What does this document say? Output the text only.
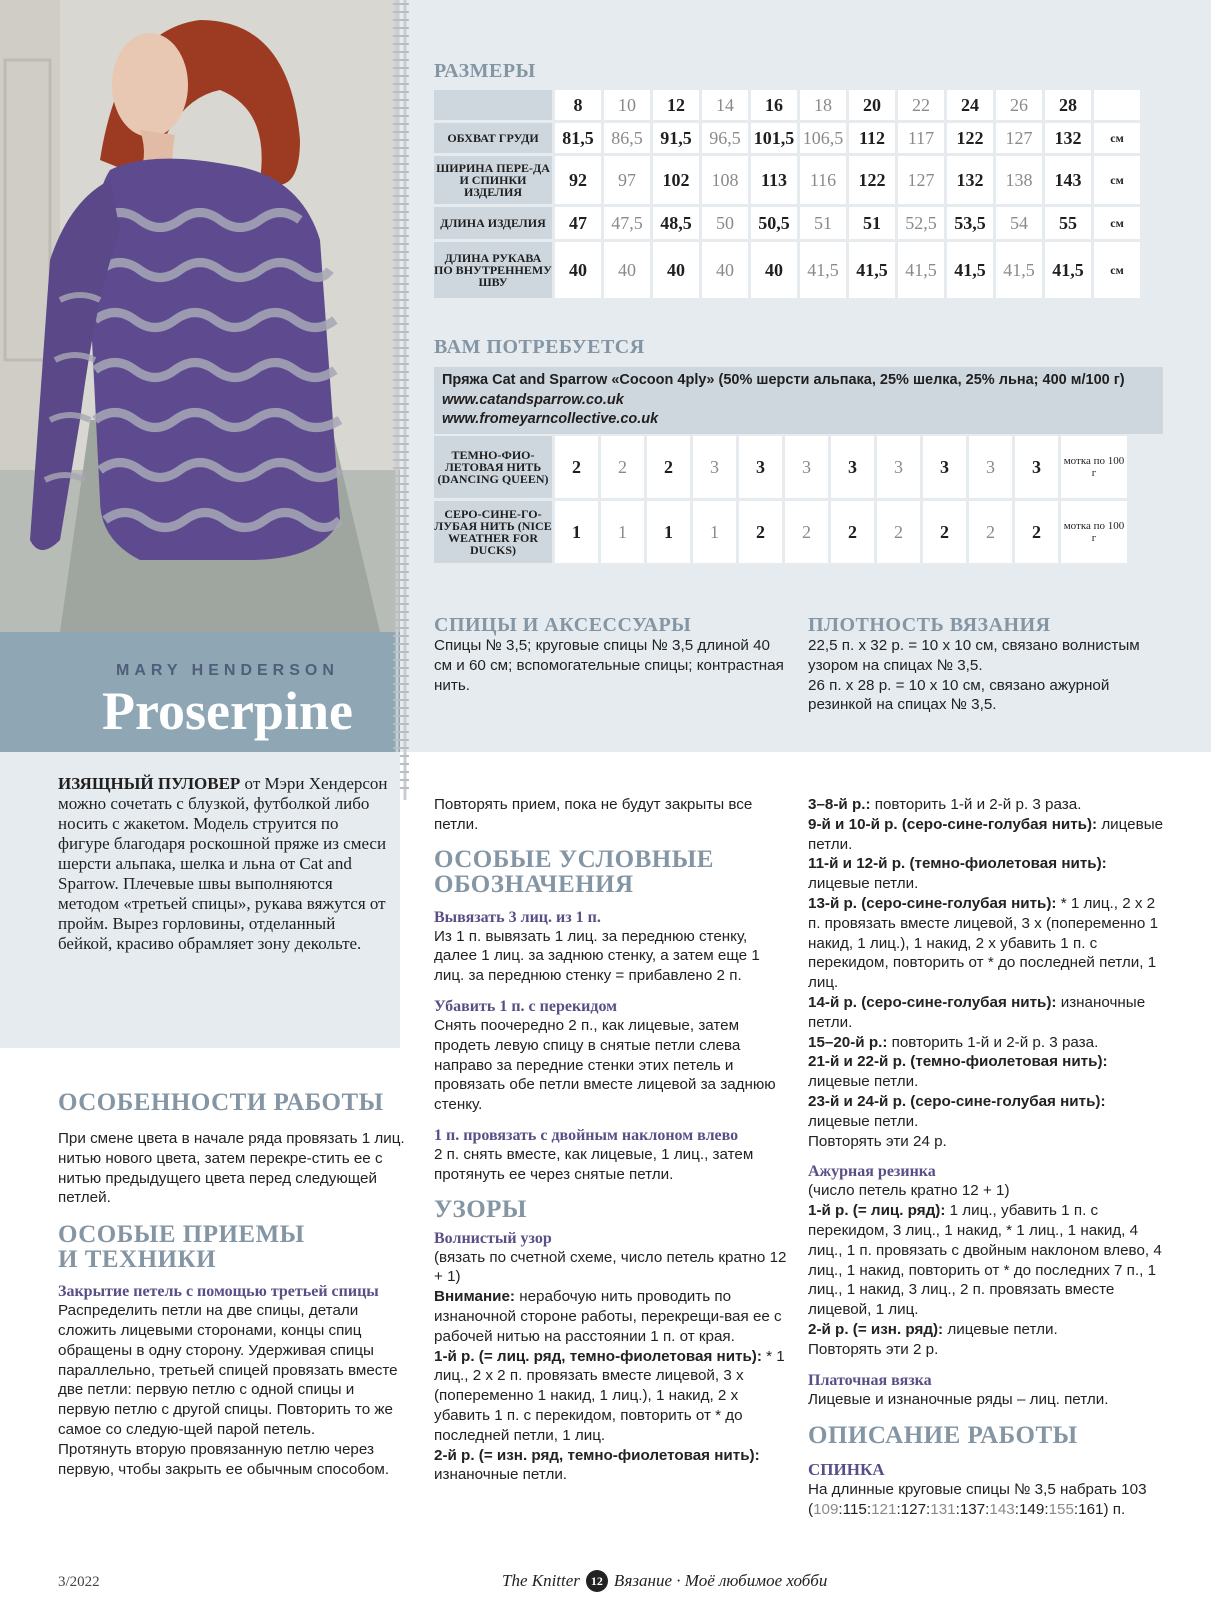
MARY HENDERSON
Proserpine
РАЗМЕРЫ
	8	10	12	14	16	18	20	22	24	26	28	
ОБХВАТ ГРУДИ	81,5	86,5	91,5	96,5	101,5	106,5	112	117	122	127	132	см
ШИРИНА ПЕРЕ-ДА И СПИНКИ ИЗДЕЛИЯ	92	97	102	108	113	116	122	127	132	138	143	см
ДЛИНА ИЗДЕЛИЯ	47	47,5	48,5	50	50,5	51	51	52,5	53,5	54	55	см
ДЛИНА РУКАВА ПО ВНУТРЕННЕМУ ШВУ	40	40	40	40	40	41,5	41,5	41,5	41,5	41,5	41,5	см
ВАМ ПОТРЕБУЕТСЯ
Пряжа Cat and Sparrow «Cocoon 4ply» (50% шерсти альпака, 25% шелка, 25% льна; 400 м/100 г)
www.catandsparrow.co.uk
www.fromeyarncollective.co.uk
ТЕМНО-ФИО-ЛЕТОВАЯ НИТЬ (DANCING QUEEN)	2	2	2	3	3	3	3	3	3	3	3	мотка по 100 г
СЕРО-СИНЕ-ГО-ЛУБАЯ НИТЬ (NICE WEATHER FOR DUCKS)	1	1	1	1	2	2	2	2	2	2	2	мотка по 100 г
СПИЦЫ И АКСЕССУАРЫ
Спицы № 3,5; круговые спицы № 3,5 длиной 40 см и 60 см; вспомогательные спицы; контрастная нить.
ПЛОТНОСТЬ ВЯЗАНИЯ
22,5 п. х 32 р. = 10 х 10 см, связано волнистым узором на спицах № 3,5.
26 п. х 28 р. = 10 х 10 см, связано ажурной резинкой на спицах № 3,5.
ИЗЯЩНЫЙ ПУЛОВЕР от Мэри Хендерсон можно сочетать с блузкой, футболкой либо носить с жакетом. Модель струится по фигуре благодаря роскошной пряже из смеси шерсти альпака, шелка и льна от Cat and Sparrow. Плечевые швы выполняются методом «третьей спицы», рукава вяжутся от пройм. Вырез горловины, отделанный бейкой, красиво обрамляет зону декольте.
ОСОБЕННОСТИ РАБОТЫ
При смене цвета в начале ряда провязать 1 лиц. нитью нового цвета, затем перекре-стить ее с нитью предыдущего цвета перед следующей петлей.
ОСОБЫЕ ПРИЕМЫ
И ТЕХНИКИ
Закрытие петель с помощью третьей спицы
Распределить петли на две спицы, детали сложить лицевыми сторонами, концы спиц обращены в одну сторону. Удерживая спицы параллельно, третьей спицей провязать вместе две петли: первую петлю с одной спицы и первую петлю с другой спицы. Повторить то же самое со следую-щей парой петель.
Протянуть вторую провязанную петлю через первую, чтобы закрыть ее обычным способом.
Повторять прием, пока не будут закрыты все петли.
ОСОБЫЕ УСЛОВНЫЕ
ОБОЗНАЧЕНИЯ
Вывязать 3 лиц. из 1 п.
Из 1 п. вывязать 1 лиц. за переднюю стенку, далее 1 лиц. за заднюю стенку, а затем еще 1 лиц. за переднюю стенку = прибавлено 2 п.
Убавить 1 п. с перекидом
Снять поочередно 2 п., как лицевые, затем продеть левую спицу в снятые петли слева направо за передние стенки этих петель и провязать обе петли вместе лицевой за заднюю стенку.
1 п. провязать с двойным наклоном влево
2 п. снять вместе, как лицевые, 1 лиц., затем протянуть ее через снятые петли.
УЗОРЫ
Волнистый узор
(вязать по счетной схеме, число петель кратно 12 + 1)
Внимание: нерабочую нить проводить по изнаночной стороне работы, перекрещи-вая ее с рабочей нитью на расстоянии 1 п. от края.
1-й р. (= лиц. ряд, темно-фиолетовая нить): * 1 лиц., 2 х 2 п. провязать вместе лицевой, 3 х (попеременно 1 накид, 1 лиц.), 1 накид, 2 х убавить 1 п. с перекидом, повторить от * до последней петли, 1 лиц.
2-й р. (= изн. ряд, темно-фиолетовая нить): изнаночные петли.
3–8-й р.: повторить 1-й и 2-й р. 3 раза.
9-й и 10-й р. (серо-сине-голубая нить): лицевые петли.
11-й и 12-й р. (темно-фиолетовая нить): лицевые петли.
13-й р. (серо-сине-голубая нить): * 1 лиц., 2 х 2 п. провязать вместе лицевой, 3 х (попеременно 1 накид, 1 лиц.), 1 накид, 2 х убавить 1 п. с перекидом, повторить от * до последней петли, 1 лиц.
14-й р. (серо-сине-голубая нить): изнаночные петли.
15–20-й р.: повторить 1-й и 2-й р. 3 раза.
21-й и 22-й р. (темно-фиолетовая нить): лицевые петли.
23-й и 24-й р. (серо-сине-голубая нить): лицевые петли.
Повторять эти 24 р.
Ажурная резинка
(число петель кратно 12 + 1)
1-й р. (= лиц. ряд): 1 лиц., убавить 1 п. с перекидом, 3 лиц., 1 накид, * 1 лиц., 1 накид, 4 лиц., 1 п. провязать с двойным наклоном влево, 4 лиц., 1 накид, повторить от * до последних 7 п., 1 лиц., 1 накид, 3 лиц., 2 п. провязать вместе лицевой, 1 лиц.
2-й р. (= изн. ряд): лицевые петли.
Повторять эти 2 р.
Платочная вязка
Лицевые и изнаночные ряды – лиц. петли.
ОПИСАНИЕ РАБОТЫ
СПИНКА
На длинные круговые спицы № 3,5 набрать 103 (109:115:121:127:131:137:143:149:155:161) п.
3/2022	The Knitter 12 Вязание · Моё любимое хобби
